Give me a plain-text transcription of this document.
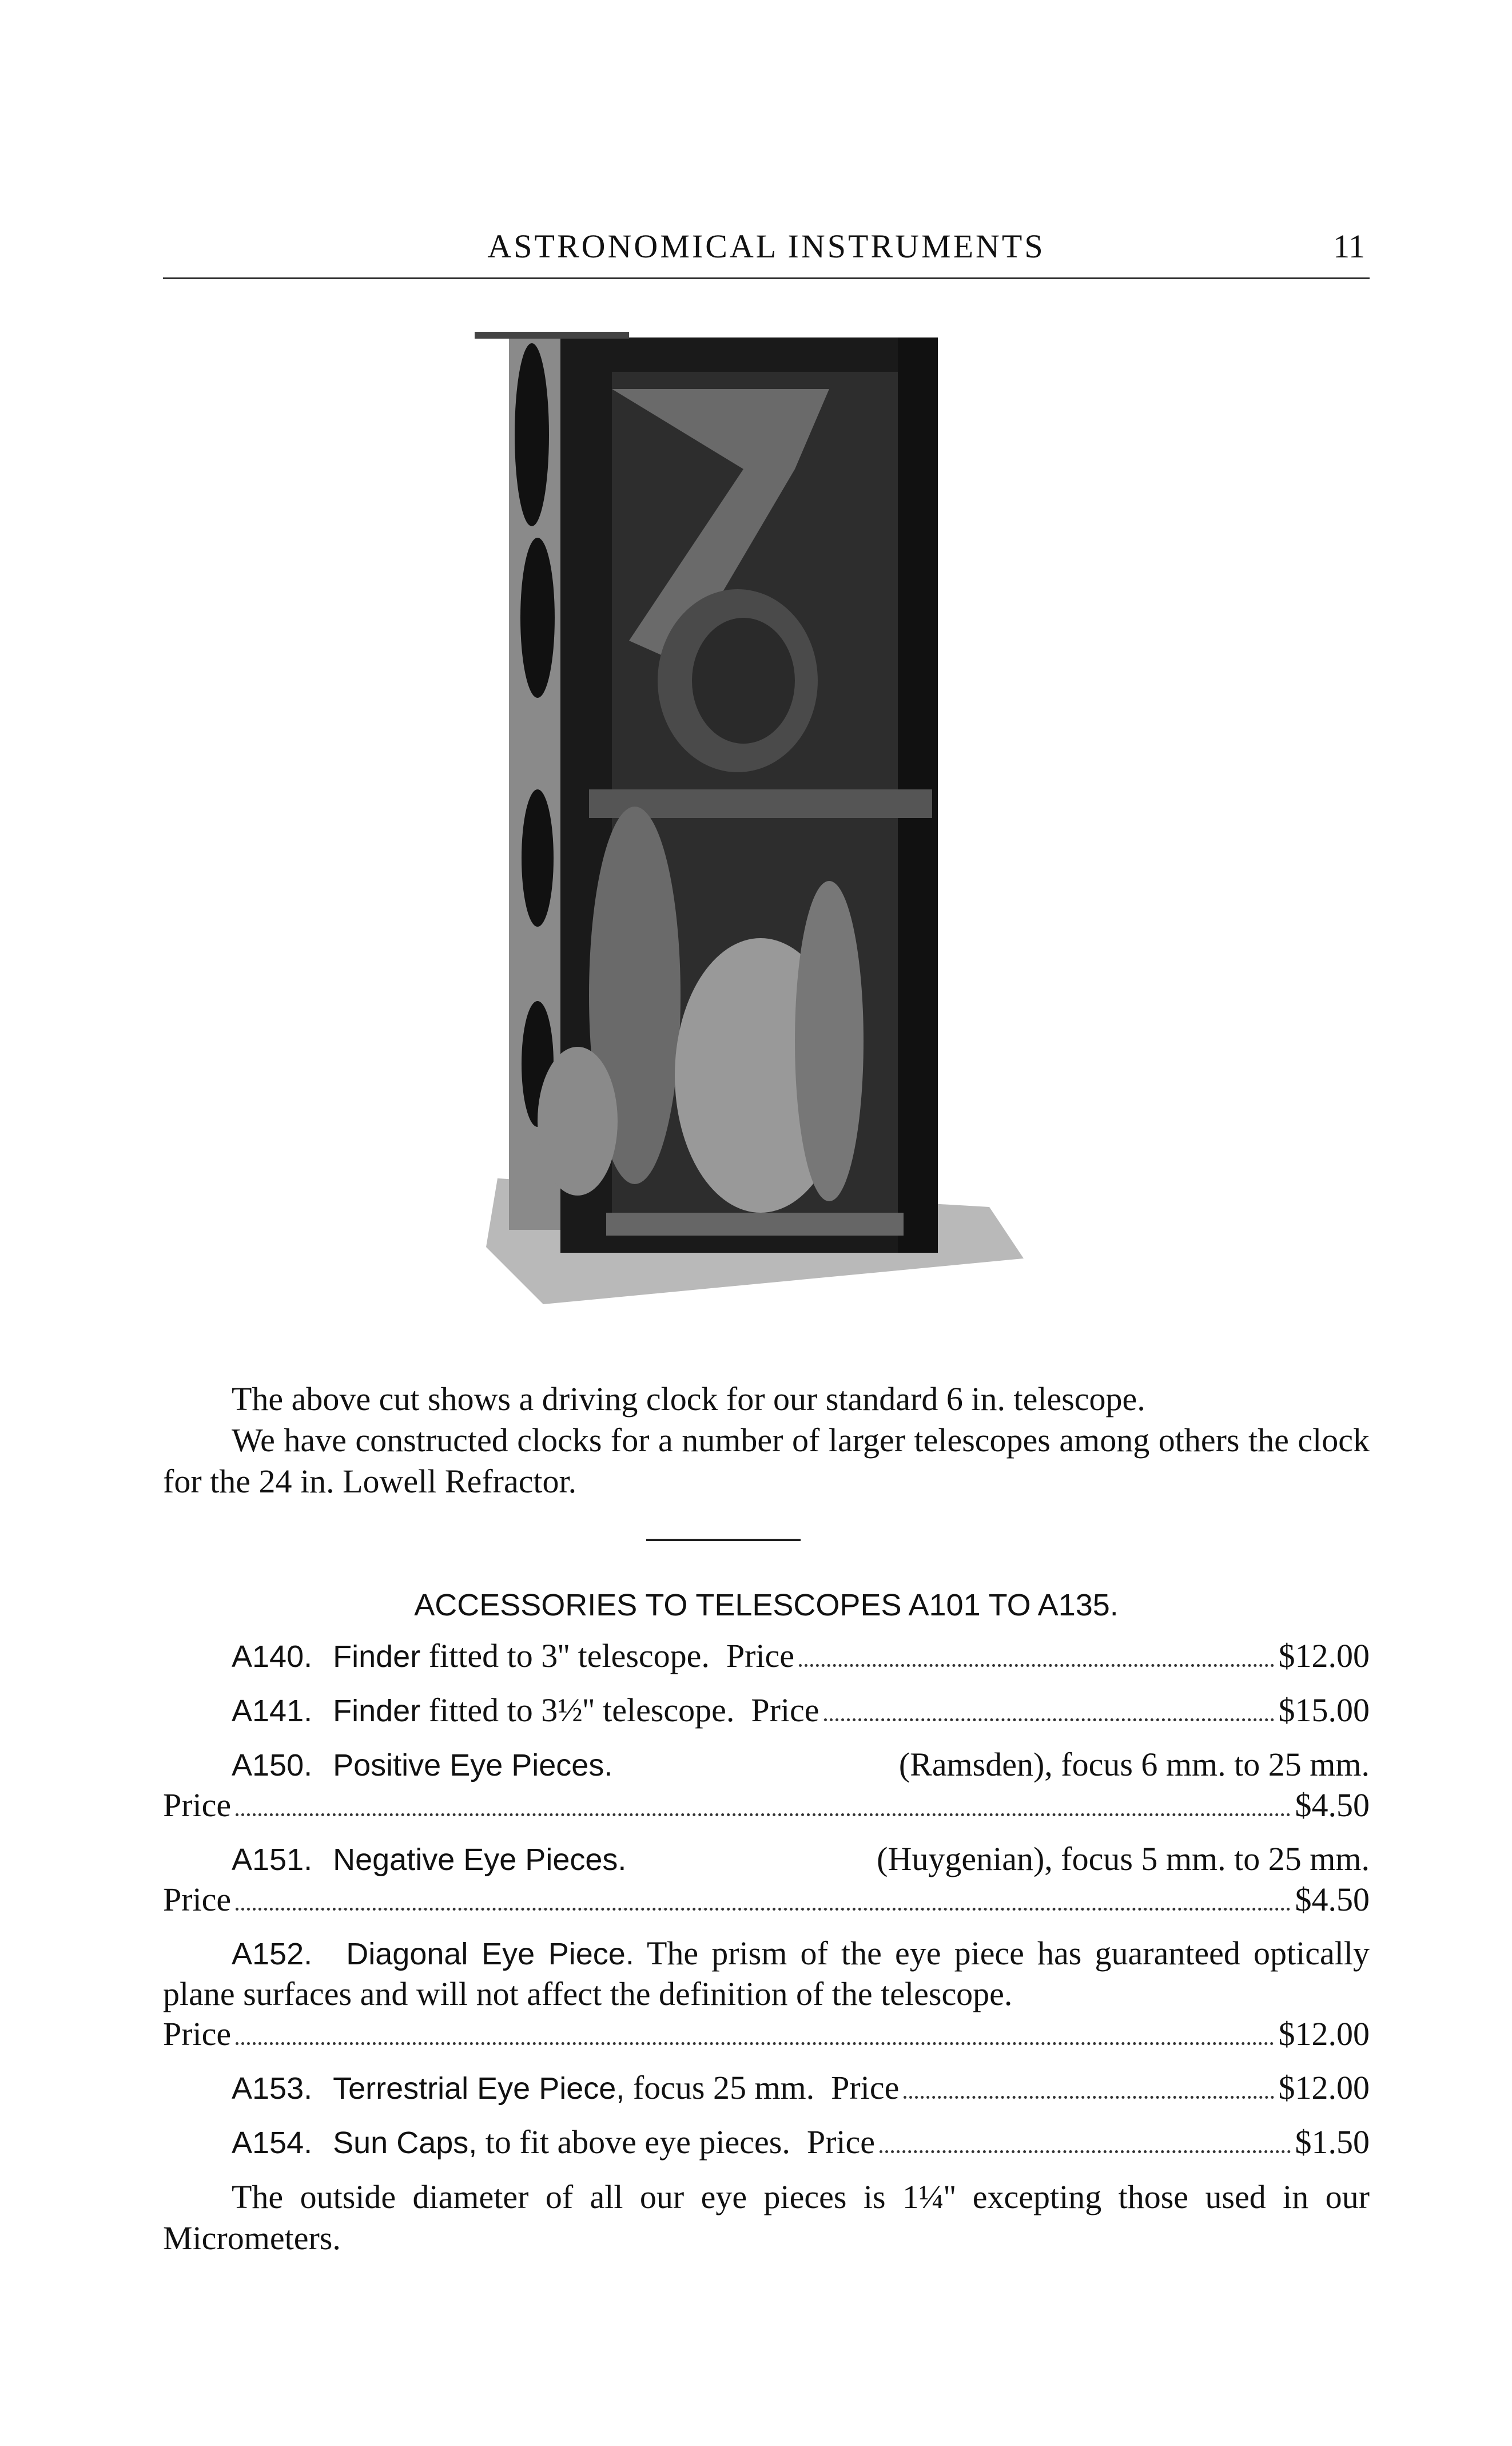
ASTRONOMICAL INSTRUMENTS	11

The above cut shows a driving clock for our standard 6 in. telescope.

We have constructed clocks for a number of larger telescopes among others the clock for the 24 in. Lowell Refractor.

ACCESSORIES TO TELESCOPES A101 TO A135.
A140. Finder
fitted to 3'' telescope.
Price	$12.00
A141. Finder
fitted to 3½'' telescope.
Price	$15.00
A150. Positive Eye Pieces.	(Ramsden), focus 6 mm. to 25 mm.
Price	$4.50
A151. Negative Eye Pieces.	(Huygenian), focus 5 mm. to 25 mm.
Price	$4.50
A152. Diagonal Eye Piece. The prism of the eye piece has guaranteed optically plane surfaces and will not affect the definition of the telescope.
Price	$12.00
A153. Terrestrial Eye Piece,
focus 25 mm.
Price	$12.00
A154. Sun Caps,
to fit above eye pieces.
Price	$1.50
The outside diameter of all our eye pieces is 1¼'' excepting those used in our Micrometers.
